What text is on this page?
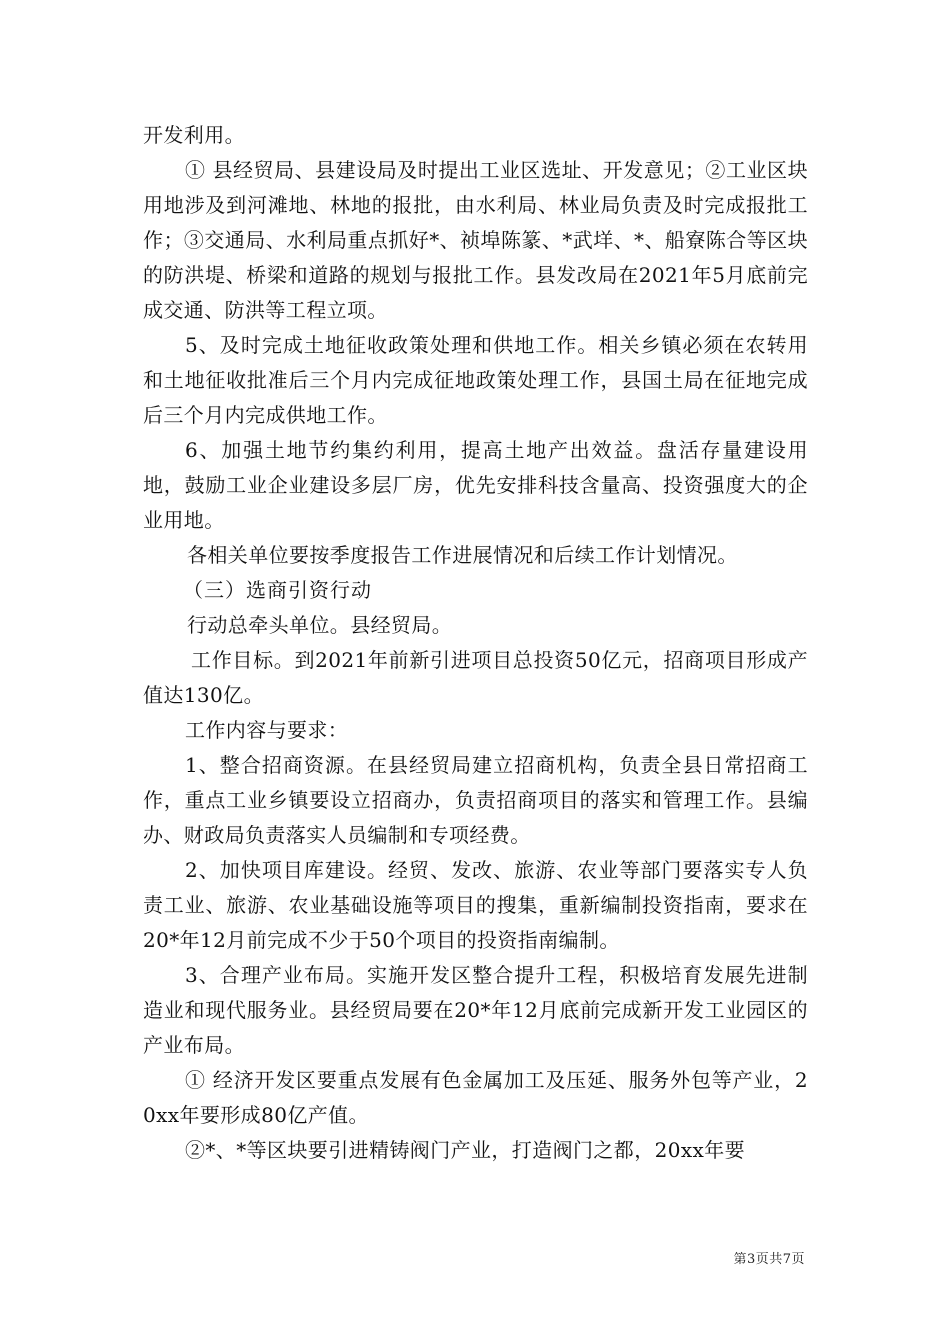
开发利用。

① 县经贸局、县建设局及时提出工业区选址、开发意见；②工业区块用地涉及到河滩地、林地的报批，由水利局、林业局负责及时完成报批工作；③交通局、水利局重点抓好*、祯埠陈篆、*武垟、*、船寮陈合等区块的防洪堤、桥梁和道路的规划与报批工作。县发改局在2021年5月底前完成交通、防洪等工程立项。

5、及时完成土地征收政策处理和供地工作。相关乡镇必须在农转用和土地征收批准后三个月内完成征地政策处理工作，县国土局在征地完成后三个月内完成供地工作。

6、加强土地节约集约利用，提高土地产出效益。盘活存量建设用地，鼓励工业企业建设多层厂房，优先安排科技含量高、投资强度大的企业用地。

各相关单位要按季度报告工作进展情况和后续工作计划情况。

（三）选商引资行动

行动总牵头单位。县经贸局。

工作目标。到2021年前新引进项目总投资50亿元，招商项目形成产值达130亿。

工作内容与要求：

1、整合招商资源。在县经贸局建立招商机构，负责全县日常招商工作，重点工业乡镇要设立招商办，负责招商项目的落实和管理工作。县编办、财政局负责落实人员编制和专项经费。

2、加快项目库建设。经贸、发改、旅游、农业等部门要落实专人负责工业、旅游、农业基础设施等项目的搜集，重新编制投资指南，要求在20*年12月前完成不少于50个项目的投资指南编制。

3、合理产业布局。实施开发区整合提升工程，积极培育发展先进制造业和现代服务业。县经贸局要在20*年12月底前完成新开发工业园区的产业布局。

① 经济开发区要重点发展有色金属加工及压延、服务外包等产业，20xx年要形成80亿产值。

②*、*等区块要引进精铸阀门产业，打造阀门之都，20xx年要

第3页共7页
